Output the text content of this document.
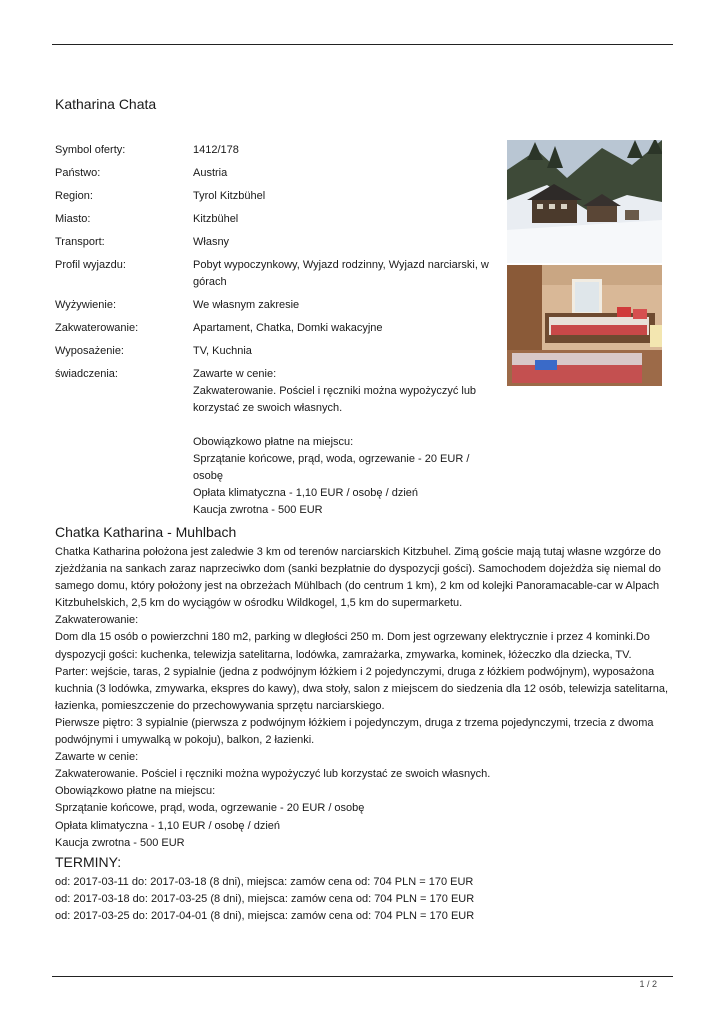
Katharina Chata
Symbol oferty:	1412/178
Państwo:	Austria
Region:	Tyrol Kitzbühel
Miasto:	Kitzbühel
Transport:	Własny
Profil wyjazdu:	Pobyt wypoczynkowy, Wyjazd rodzinny, Wyjazd narciarski, w
górach
Wyżywienie:	We własnym zakresie
Zakwaterowanie:	Apartament, Chatka, Domki wakacyjne
Wyposażenie:	TV, Kuchnia
świadczenia:	Zawarte w cenie:
Zakwaterowanie. Pościel i ręczniki można wypożyczyć lub
korzystać ze swoich własnych.
Obowiązkowo płatne na miejscu:
Sprzątanie końcowe, prąd, woda, ogrzewanie - 20 EUR / osobę
Opłata klimatyczna - 1,10 EUR / osobę / dzień
Kaucja zwrotna - 500 EUR
Chatka Katharina - Muhlbach
Chatka Katharina położona jest zaledwie 3 km od terenów narciarskich Kitzbuhel. Zimą goście mają tutaj własne wzgórze do
zjeżdżania na sankach zaraz naprzeciwko dom (sanki bezpłatnie do dyspozycji gości). Samochodem dojeżdża się niemal do
samego domu, który położony jest na obrzeżach Mühlbach (do centrum 1 km), 2 km od kolejki Panoramacable-car w Alpach
Kitzbuhelskich, 2,5 km do wyciągów w ośrodku Wildkogel, 1,5 km do supermarketu.
Zakwaterowanie:
Dom dla 15 osób o powierzchni 180 m2, parking w dległości 250 m. Dom jest ogrzewany elektrycznie i przez 4 kominki.Do
dyspozycji gości: kuchenka, telewizja satelitarna, lodówka, zamrażarka, zmywarka, kominek, łóżeczko dla dziecka, TV.
Parter: wejście, taras, 2 sypialnie (jedna z podwójnym łóżkiem i 2 pojedynczymi, druga z łóżkiem podwójnym), wyposażona
kuchnia (3 lodówka, zmywarka, ekspres do kawy), dwa stoły, salon z miejscem do siedzenia dla 12 osób, telewizja satelitarna,
łazienka, pomieszczenie do przechowywania sprzętu narciarskiego.
Pierwsze piętro: 3 sypialnie (pierwsza z podwójnym łóżkiem i pojedynczym, druga z trzema pojedynczymi, trzecia z dwoma
podwójnymi i umywalką w pokoju), balkon, 2 łazienki.
Zawarte w cenie:
Zakwaterowanie. Pościel i ręczniki można wypożyczyć lub korzystać ze swoich własnych.
Obowiązkowo płatne na miejscu:
Sprzątanie końcowe, prąd, woda, ogrzewanie - 20 EUR / osobę
Opłata klimatyczna - 1,10 EUR / osobę / dzień
Kaucja zwrotna - 500 EUR
TERMINY:
od: 2017-03-11 do: 2017-03-18 (8 dni), miejsca: zamów cena od: 704 PLN = 170 EUR
od: 2017-03-18 do: 2017-03-25 (8 dni), miejsca: zamów cena od: 704 PLN = 170 EUR
od: 2017-03-25 do: 2017-04-01 (8 dni), miejsca: zamów cena od: 704 PLN = 170 EUR
1 / 2
